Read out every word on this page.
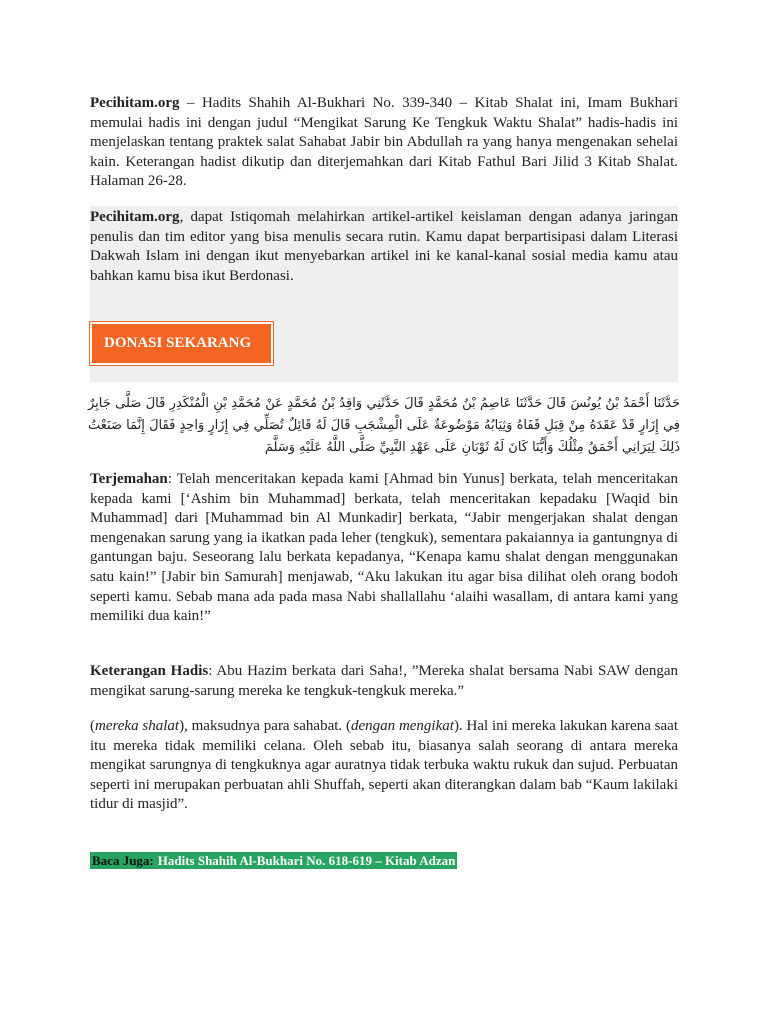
Pecihitam.org – Hadits Shahih Al-Bukhari No. 339-340 – Kitab Shalat ini, Imam Bukhari memulai hadis ini dengan judul “Mengikat Sarung Ke Tengkuk Waktu Shalat” hadis-hadis ini menjelaskan tentang praktek salat Sahabat Jabir bin Abdullah ra yang hanya mengenakan sehelai kain. Keterangan hadist dikutip dan diterjemahkan dari Kitab Fathul Bari Jilid 3 Kitab Shalat. Halaman 26-28.

Pecihitam.org, dapat Istiqomah melahirkan artikel-artikel keislaman dengan adanya jaringan penulis dan tim editor yang bisa menulis secara rutin. Kamu dapat berpartisipasi dalam Literasi Dakwah Islam ini dengan ikut menyebarkan artikel ini ke kanal-kanal sosial media kamu atau bahkan kamu bisa ikut Berdonasi.

DONASI SEKARANG
حَدَّثَنَا أَحْمَدُ بْنُ يُونُسَ قَالَ حَدَّثَنَا عَاصِمُ بْنُ مُحَمَّدٍ قَالَ حَدَّثَنِي وَاقِدُ بْنُ مُحَمَّدٍ عَنْ مُحَمَّدِ بْنِ الْمُنْكَدِرِ قَالَ صَلَّى جَابِرٌ فِي إِزَارٍ قَدْ عَقَدَهُ مِنْ قِبَلِ قَفَاهُ وَثِيَابُهُ مَوْضُوعَةٌ عَلَى الْمِشْجَبِ قَالَ لَهُ قَائِلٌ تُصَلِّي فِي إِزَارٍ وَاحِدٍ فَقَالَ إِنَّمَا صَنَعْتُ ذَلِكَ لِيَرَانِي أَحْمَقُ مِثْلُكَ وَأَيُّنَا كَانَ لَهُ ثَوْبَانِ عَلَى عَهْدِ النَّبِيِّ صَلَّى اللَّهُ عَلَيْهِ وَسَلَّمَ

Terjemahan: Telah menceritakan kepada kami [Ahmad bin Yunus] berkata, telah menceritakan kepada kami [‘Ashim bin Muhammad] berkata, telah menceritakan kepadaku [Waqid bin Muhammad] dari [Muhammad bin Al Munkadir] berkata, “Jabir mengerjakan shalat dengan mengenakan sarung yang ia ikatkan pada leher (tengkuk), sementara pakaiannya ia gantungnya di gantungan baju. Seseorang lalu berkata kepadanya, “Kenapa kamu shalat dengan menggunakan satu kain!” [Jabir bin Samurah] menjawab, “Aku lakukan itu agar bisa dilihat oleh orang bodoh seperti kamu. Sebab mana ada pada masa Nabi shallallahu ‘alaihi wasallam, di antara kami yang memiliki dua kain!”

Keterangan Hadis: Abu Hazim berkata dari Saha!, ”Mereka shalat bersama Nabi SAW dengan mengikat sarung-sarung mereka ke tengkuk-tengkuk mereka.”

(mereka shalat), maksudnya para sahabat. (dengan mengikat). Hal ini mereka lakukan karena saat itu mereka tidak memiliki celana. Oleh sebab itu, biasanya salah seorang di antara mereka mengikat sarungnya di tengkuknya agar auratnya tidak terbuka waktu rukuk dan sujud. Perbuatan seperti ini merupakan perbuatan ahli Shuffah, seperti akan diterangkan dalam bab “Kaum lakilaki tidur di masjid”.

Baca Juga: Hadits Shahih Al-Bukhari No. 618-619 – Kitab Adzan
